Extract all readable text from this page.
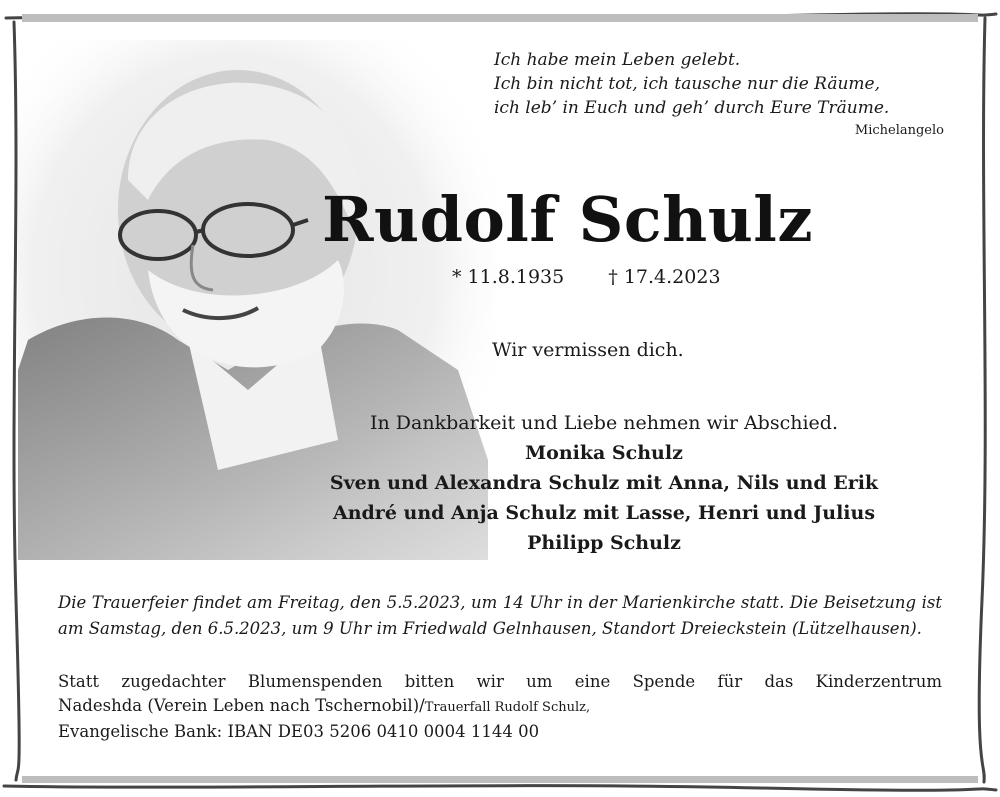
Ich habe mein Leben gelebt.
Ich bin nicht tot, ich tausche nur die Räume,
ich leb’ in Euch und geh’ durch Eure Träume.
Michelangelo
Rudolf Schulz
* 11.8.1935 † 17.4.2023
Wir vermissen dich.
In Dankbarkeit und Liebe nehmen wir Abschied.
Monika Schulz
Sven und Alexandra Schulz mit Anna, Nils und Erik
André und Anja Schulz mit Lasse, Henri und Julius
Philipp Schulz
Die Trauerfeier findet am Freitag, den 5.5.2023, um 14 Uhr in der Marienkirche statt. Die Beisetzung ist am Samstag, den 6.5.2023, um 9 Uhr im Friedwald Gelnhausen, Standort Dreieckstein (Lützelhausen).
Statt zugedachter Blumenspenden bitten wir um eine Spende für das Kinderzentrum
Nadeshda (Verein Leben nach Tschernobil)/Trauerfall Rudolf Schulz,
Evangelische Bank: IBAN DE03 5206 0410 0004 1144 00
